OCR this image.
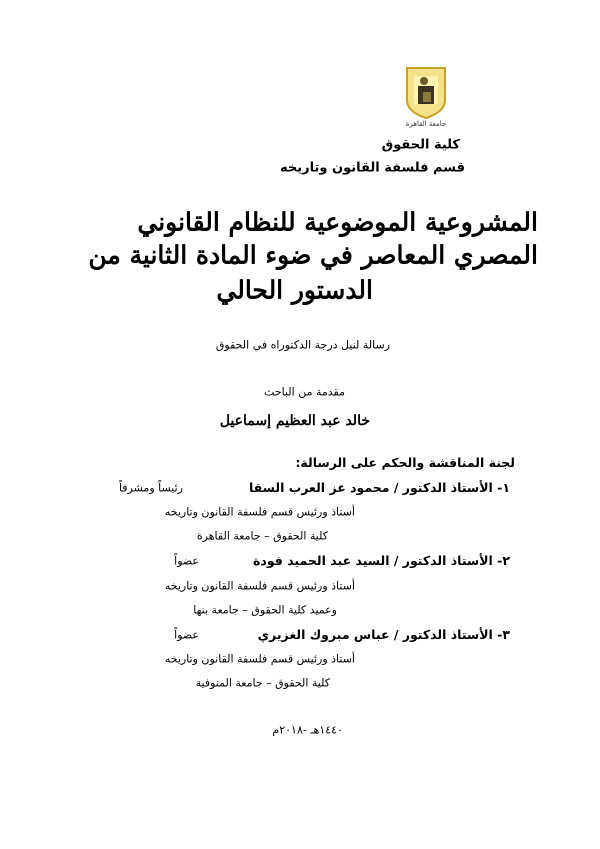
جامعة القاهرة
كلية الحقوق
قسم فلسفة القانون وتاريخه
المشروعية الموضوعية للنظام القانوني
المصري المعاصر في ضوء المادة الثانية من
الدستور الحالي
رسالة لنيل درجة الدكتوراه في الحقوق
مقدمة من الباحث
خالد عبد العظيم إسماعيل
لجنة المناقشة والحكم على الرسالة:
١- الأستاذ الدكتور / محمود عز العرب السقا
رئيساً ومشرفاً
أستاذ ورئيس قسم فلسفة القانون وتاريخه
كلية الحقوق – جامعة القاهرة
٢- الأستاذ الدكتور / السيد عبد الحميد فودة
عضواً
أستاذ ورئيس قسم فلسفة القانون وتاريخه
وعميد كلية الحقوق – جامعة بنها
٣- الأستاذ الدكتور / عباس مبروك الغزيري
عضواً
أستاذ ورئيس قسم فلسفة القانون وتاريخه
كلية الحقوق – جامعة المنوفية
١٤٤٠هـ -٢٠١٨م
